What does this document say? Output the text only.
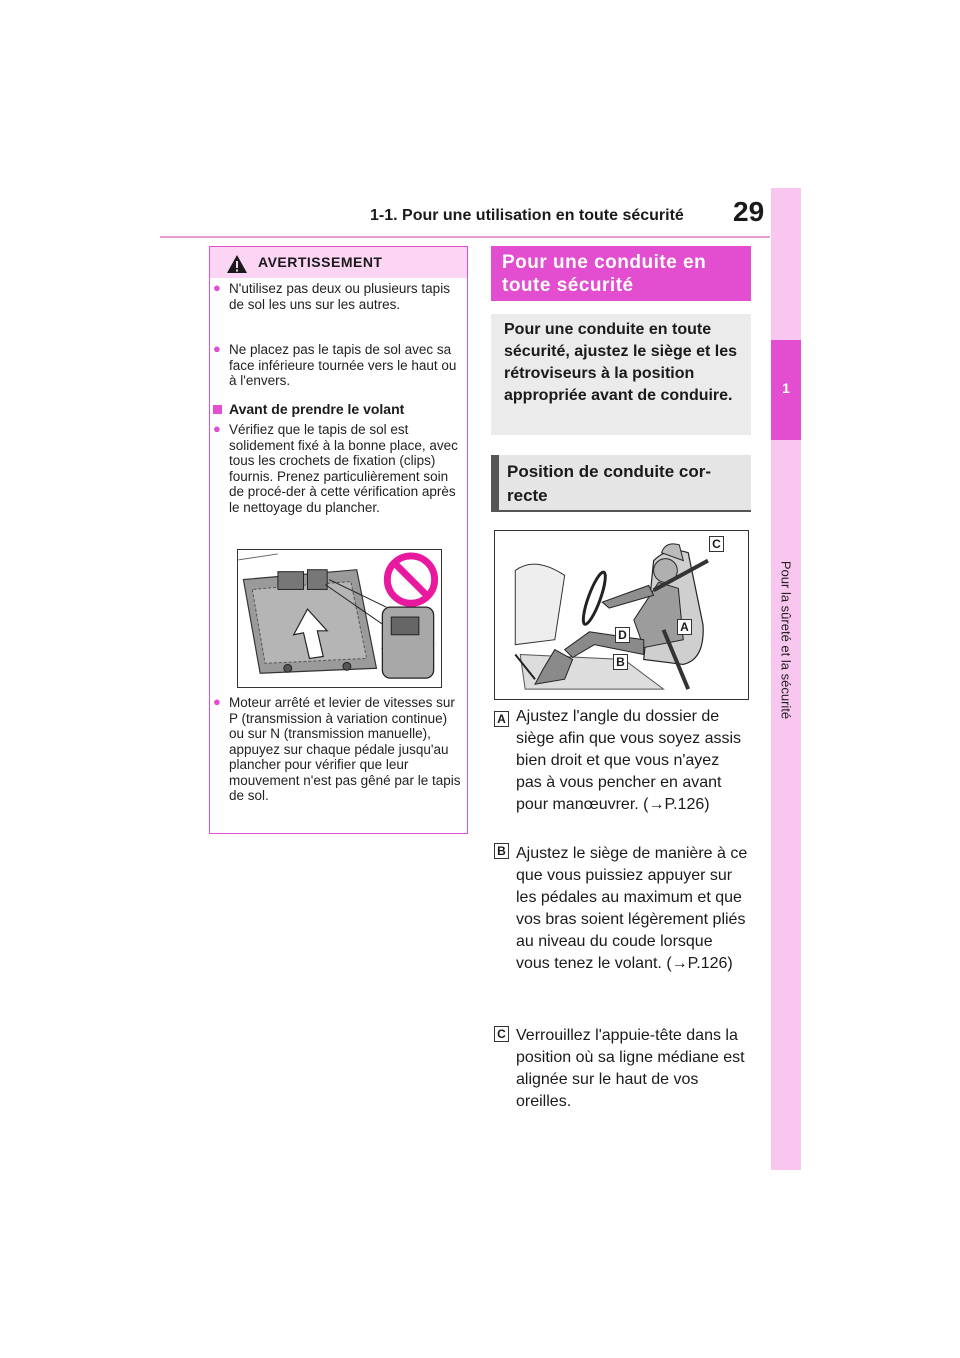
1-1. Pour une utilisation en toute sécurité 29
1
Pour la sûreté et la sécurité
AVERTISSEMENT
● N'utilisez pas deux ou plusieurs tapis de sol les uns sur les autres.
● Ne placez pas le tapis de sol avec sa face inférieure tournée vers le haut ou à l'envers.
Avant de prendre le volant
● Vérifiez que le tapis de sol est solidement fixé à la bonne place, avec tous les crochets de fixation (clips) fournis. Prenez particulièrement soin de procé-der à cette vérification après le nettoyage du plancher.
● Moteur arrêté et levier de vitesses sur P (transmission à variation continue) ou sur N (transmission manuelle), appuyez sur chaque pédale jusqu'au plancher pour vérifier que leur mouvement n'est pas gêné par le tapis de sol.
Pour une conduite en toute sécurité
Pour une conduite en toute sécurité, ajustez le siège et les rétroviseurs à la position appropriée avant de conduire.
Position de conduite cor-recte
C
A
D
B
A Ajustez l'angle du dossier de siège afin que vous soyez assis bien droit et que vous n'ayez pas à vous pencher en avant pour manœuvrer. (→P.126)
B Ajustez le siège de manière à ce que vous puissiez appuyer sur les pédales au maximum et que vos bras soient légèrement pliés au niveau du coude lorsque vous tenez le volant. (→P.126)
C Verrouillez l'appuie-tête dans la position où sa ligne médiane est alignée sur le haut de vos oreilles.
